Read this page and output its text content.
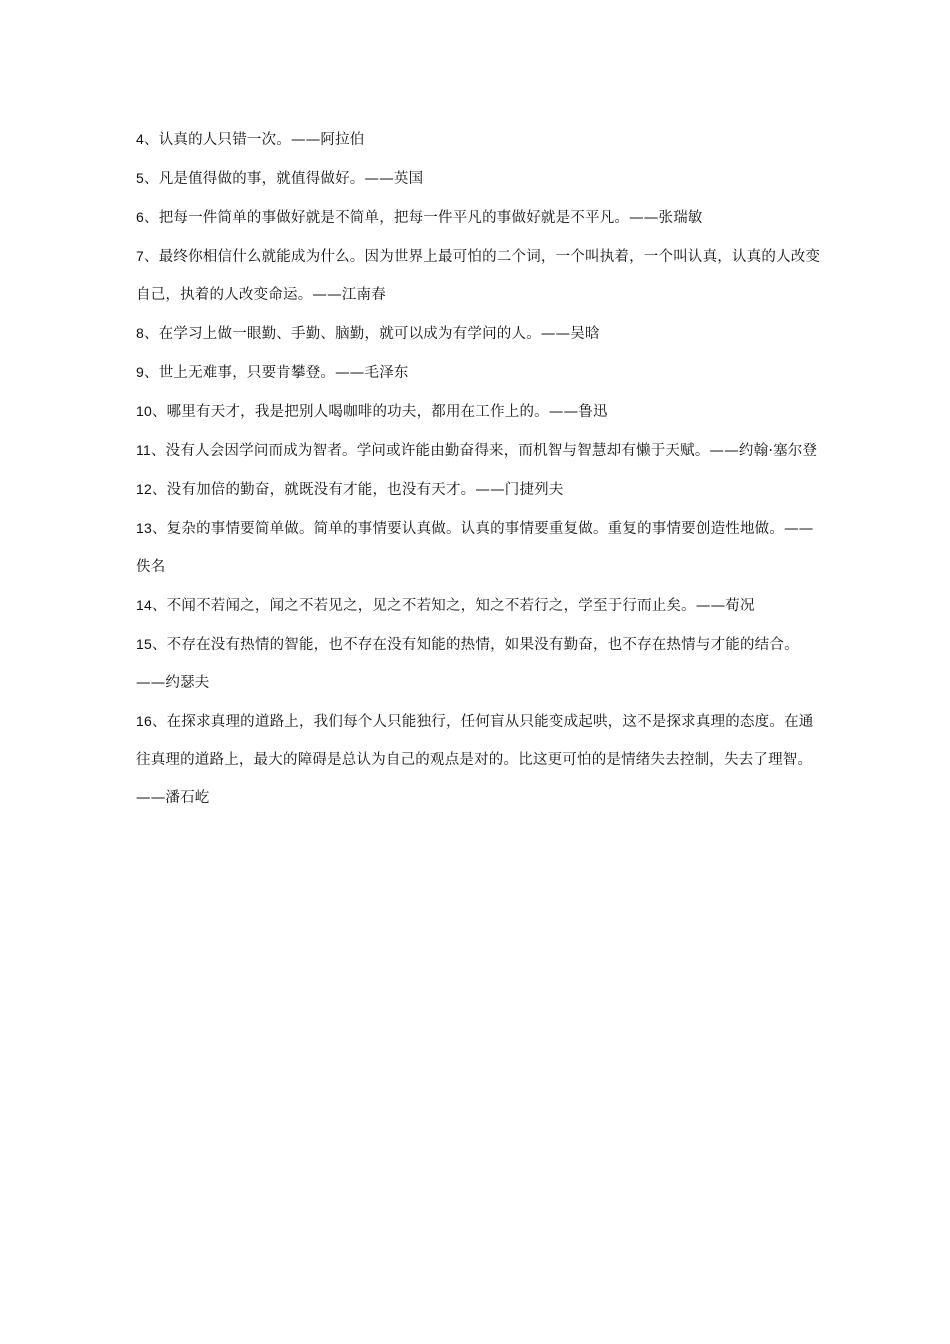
4、认真的人只错一次。——阿拉伯

5、凡是值得做的事，就值得做好。——英国

6、把每一件简单的事做好就是不简单，把每一件平凡的事做好就是不平凡。——张瑞敏

7、最终你相信什么就能成为什么。因为世界上最可怕的二个词，一个叫执着，一个叫认真，认真的人改变自己，执着的人改变命运。——江南春

8、在学习上做一眼勤、手勤、脑勤，就可以成为有学问的人。——吴晗

9、世上无难事，只要肯攀登。——毛泽东

10、哪里有天才，我是把别人喝咖啡的功夫，都用在工作上的。——鲁迅

11、没有人会因学问而成为智者。学问或许能由勤奋得来，而机智与智慧却有懒于天赋。——约翰·塞尔登

12、没有加倍的勤奋，就既没有才能，也没有天才。——门捷列夫

13、复杂的事情要简单做。简单的事情要认真做。认真的事情要重复做。重复的事情要创造性地做。——佚名

14、不闻不若闻之，闻之不若见之，见之不若知之，知之不若行之，学至于行而止矣。——荀况

15、不存在没有热情的智能，也不存在没有知能的热情，如果没有勤奋，也不存在热情与才能的结合。——约瑟夫

16、在探求真理的道路上，我们每个人只能独行，任何盲从只能变成起哄，这不是探求真理的态度。在通往真理的道路上，最大的障碍是总认为自己的观点是对的。比这更可怕的是情绪失去控制，失去了理智。——潘石屹
